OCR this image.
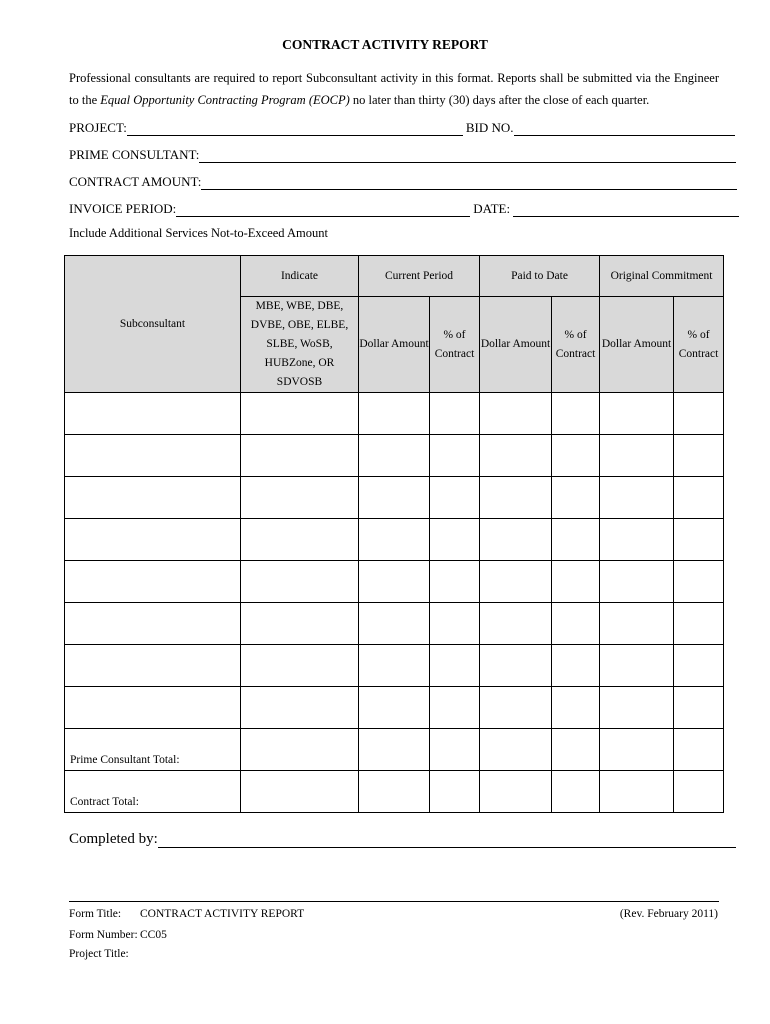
CONTRACT ACTIVITY REPORT
Professional consultants are required to report Subconsultant activity in this format. Reports shall be submitted via the Engineer to the Equal Opportunity Contracting Program (EOCP) no later than thirty (30) days after the close of each quarter.
PROJECT:	BID NO.
PRIME CONSULTANT:
CONTRACT AMOUNT:
INVOICE PERIOD:	DATE:
Include Additional Services Not-to-Exceed Amount
Subconsultant	Indicate	Current Period		Paid to Date		Original Commitment	
	MBE, WBE, DBE, DVBE, OBE, ELBE, SLBE, WoSB, HUBZone, OR SDVOSB	Dollar Amount	% of Contract	Dollar Amount	% of Contract	Dollar Amount	% of Contract

Prime Consultant Total:							
Contract Total:							
Completed by:
Form Title: CONTRACT ACTIVITY REPORT	(Rev. February 2011)
Form Number: CC05
Project Title:
